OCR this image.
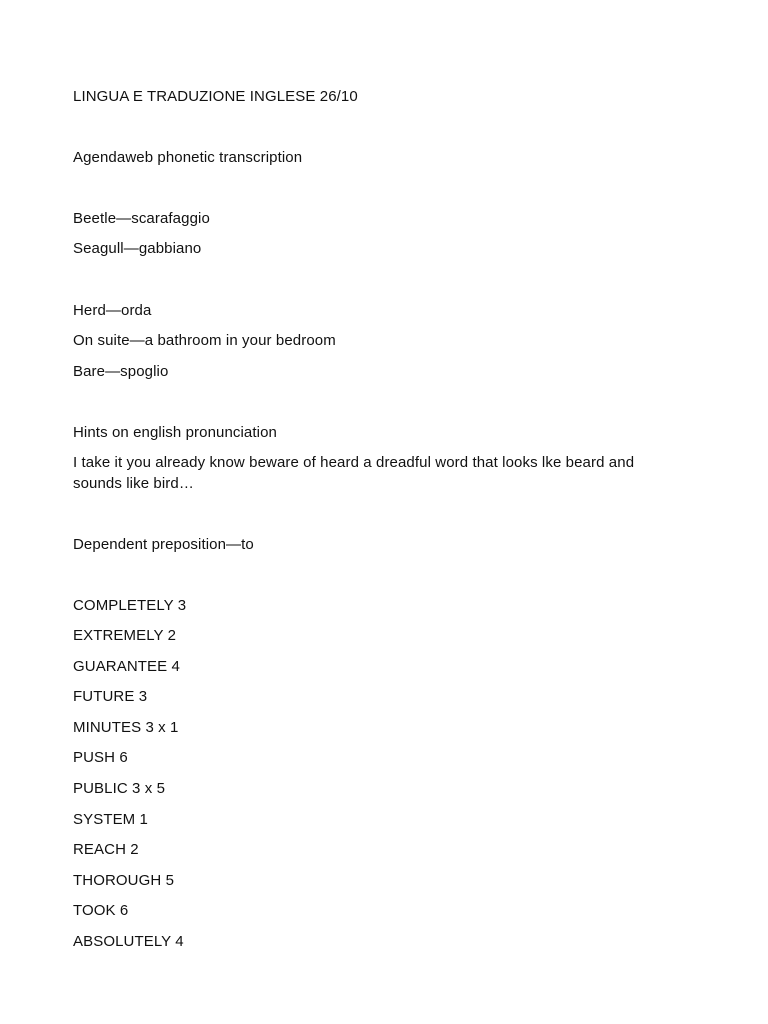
LINGUA E TRADUZIONE INGLESE 26/10
Agendaweb phonetic transcription
Beetle—scarafaggio
Seagull—gabbiano
Herd—orda
On suite—a bathroom in your bedroom
Bare—spoglio
Hints on english pronunciation
I take it you already know beware of heard a dreadful word that looks lke beard and sounds like bird…
Dependent preposition—to
COMPLETELY 3
EXTREMELY 2
GUARANTEE 4
FUTURE 3
MINUTES 3 x 1
PUSH 6
PUBLIC 3 x 5
SYSTEM 1
REACH 2
THOROUGH 5
TOOK 6
ABSOLUTELY 4
